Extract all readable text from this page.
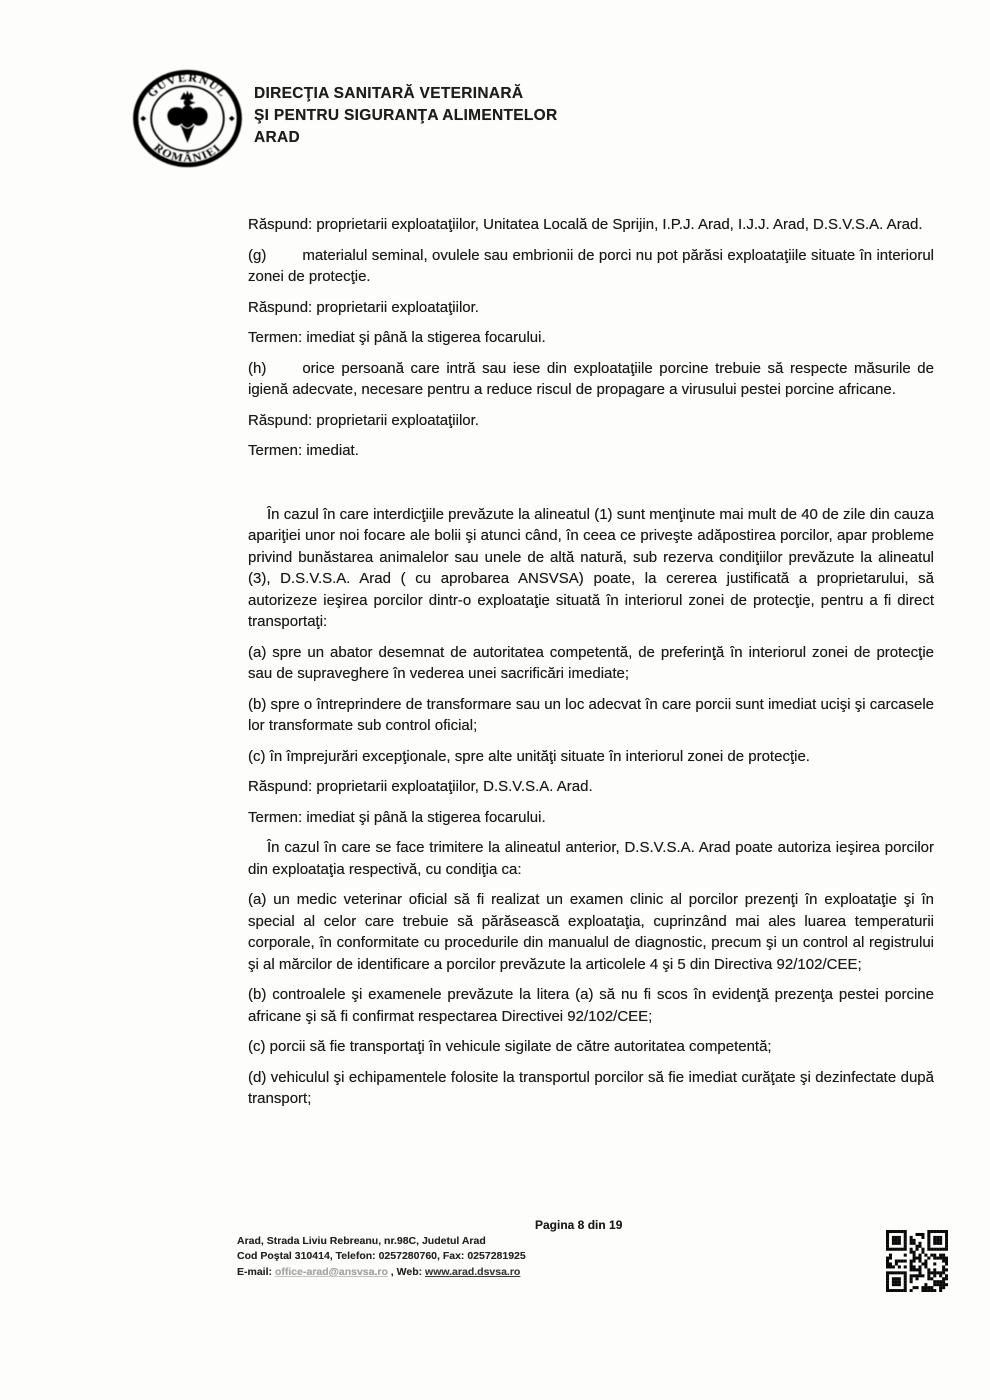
GUVERNUL
ROMÂNIEI
DIRECŢIA SANITARĂ VETERINARĂ
ŞI PENTRU SIGURANŢA ALIMENTELOR
ARAD

Răspund: proprietarii exploataţiilor, Unitatea Locală de Sprijin, I.P.J. Arad, I.J.J. Arad, D.S.V.S.A. Arad.

(g) materialul seminal, ovulele sau embrionii de porci nu pot părăsi exploataţiile situate în interiorul zonei de protecţie.

Răspund: proprietarii exploataţiilor.

Termen: imediat şi până la stigerea focarului.

(h) orice persoană care intră sau iese din exploataţiile porcine trebuie să respecte măsurile de igienă adecvate, necesare pentru a reduce riscul de propagare a virusului pestei porcine africane.

Răspund: proprietarii exploataţiilor.

Termen: imediat.

În cazul în care interdicţiile prevăzute la alineatul (1) sunt menţinute mai mult de 40 de zile din cauza apariţiei unor noi focare ale bolii şi atunci când, în ceea ce priveşte adăpostirea porcilor, apar probleme privind bunăstarea animalelor sau unele de altă natură, sub rezerva condiţiilor prevăzute la alineatul (3), D.S.V.S.A. Arad ( cu aprobarea ANSVSA) poate, la cererea justificată a proprietarului, să autorizeze ieşirea porcilor dintr-o exploataţie situată în interiorul zonei de protecţie, pentru a fi direct transportaţi:

(a) spre un abator desemnat de autoritatea competentă, de preferinţă în interiorul zonei de protecţie sau de supraveghere în vederea unei sacrificări imediate;

(b) spre o întreprindere de transformare sau un loc adecvat în care porcii sunt imediat ucişi şi carcasele lor transformate sub control oficial;

(c) în împrejurări excepţionale, spre alte unităţi situate în interiorul zonei de protecţie.

Răspund: proprietarii exploataţiilor, D.S.V.S.A. Arad.

Termen: imediat şi până la stigerea focarului.

În cazul în care se face trimitere la alineatul anterior, D.S.V.S.A. Arad poate autoriza ieşirea porcilor din exploataţia respectivă, cu condiţia ca:

(a) un medic veterinar oficial să fi realizat un examen clinic al porcilor prezenţi în exploataţie şi în special al celor care trebuie să părăsească exploataţia, cuprinzând mai ales luarea temperaturii corporale, în conformitate cu procedurile din manualul de diagnostic, precum şi un control al registrului şi al mărcilor de identificare a porcilor prevăzute la articolele 4 şi 5 din Directiva 92/102/CEE;

(b) controalele şi examenele prevăzute la litera (a) să nu fi scos în evidenţă prezenţa pestei porcine africane şi să fi confirmat respectarea Directivei 92/102/CEE;

(c) porcii să fie transportaţi în vehicule sigilate de către autoritatea competentă;

(d) vehiculul şi echipamentele folosite la transportul porcilor să fie imediat curăţate şi dezinfectate după transport;

Pagina 8 din 19
Arad, Strada Liviu Rebreanu, nr.98C, Judetul Arad
Cod Poştal 310414, Telefon: 0257280760, Fax: 0257281925
E-mail: office-arad@ansvsa.ro , Web: www.arad.dsvsa.ro
